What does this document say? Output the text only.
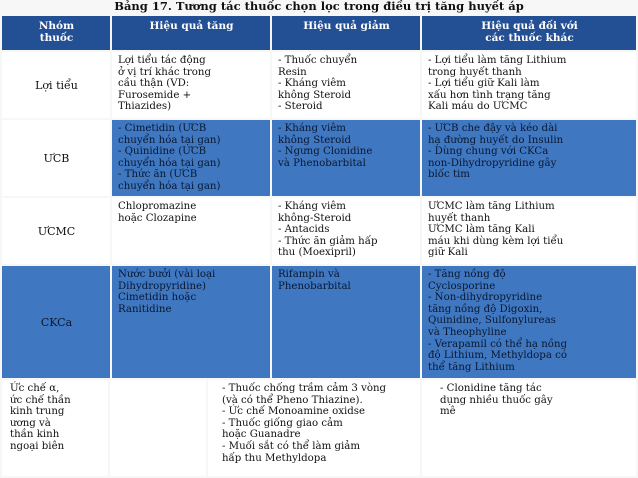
Bảng 17. Tương tác thuốc chọn lọc trong điều trị tăng huyết áp
Nhóm
thuốc
Hiệu quả tăng	Hiệu quả giảm	Hiệu quả đối với
các thuốc khác
Lợi tiểu
Lợi tiểu tác động
ở vị trí khác trong
cầu thận (VD:
Furosemide +
Thiazides)
- Thuốc chuyển
Resin
- Kháng viêm
không Steroid
- Steroid
- Lợi tiểu làm tăng Lithium
trong huyết thanh
- Lợi tiểu giữ Kali làm
xấu hơn tình trạng tăng
Kali máu do ƯCMC
ƯCB
- Cimetidin (ƯCB
chuyển hóa tại gan)
- Quinidine (ƯCB
chuyển hóa tại gan)
- Thức ăn (ƯCB
chuyển hóa tại gan)
- Kháng viêm
không Steroid
- Ngưng Clonidine
và Phenobarbital
- ƯCB che đậy và kéo dài
hạ đường huyết do Insulin
- Dùng chung với CKCa
non-Dihydropyridine gây
blốc tim
ƯCMC
Chlopromazine
hoặc Clozapine
- Kháng viêm
không-Steroid
- Antacids
- Thức ăn giảm hấp
thu (Moexipril)
ƯCMC làm tăng Lithium
huyết thanh
ƯCMC làm tăng Kali
máu khi dùng kèm lợi tiểu
giữ Kali
CKCa
Nước bưởi (vài loại
Dihydropyridine)
Cimetidin hoặc
Ranitidine
Rifampin và
Phenobarbital
- Tăng nồng độ
Cyclosporine
- Non-dihydropyridine
tăng nồng độ Digoxin,
Quinidine, Sulfonylureas
và Theophyline
- Verapamil có thể hạ nồng
độ Lithium, Methyldopa có
thể tăng Lithium
Ức chế α,
ức chế thần
kinh trung
ương và
thần kinh
ngoại biên
- Thuốc chống trầm cảm 3 vòng
(và có thể Pheno Thiazine).
- Ức chế Monoamine oxidse
- Thuốc giống giao cảm
hoặc Guanadre
- Muối sắt có thể làm giảm
hấp thu Methyldopa
- Clonidine tăng tác
dụng nhiều thuốc gây
mê
